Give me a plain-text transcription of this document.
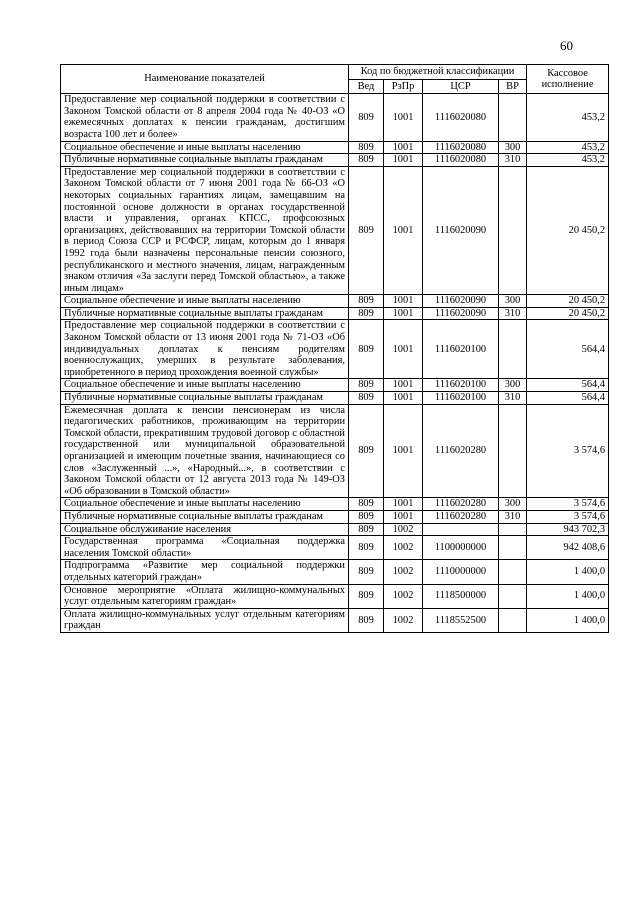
60
Наименование показателей	Код по бюджетной классификации				Кассовое исполнение
	Вед	РзПр	ЦСР	ВР	
Предоставление мер социальной поддержки в соответствии с Законом Томской области от 8 апреля 2004 года № 40-ОЗ «О ежемесячных доплатах к пенсии гражданам, достигшим возраста 100 лет и более»	809	1001	1116020080		453,2
Социальное обеспечение и иные выплаты населению	809	1001	1116020080	300	453,2
Публичные нормативные социальные выплаты гражданам	809	1001	1116020080	310	453,2
Предоставление мер социальной поддержки в соответствии с Законом Томской области от 7 июня 2001 года № 66-ОЗ «О некоторых социальных гарантиях лицам, замещавшим на постоянной основе должности в органах государственной власти и управления, органах КПСС, профсоюзных организациях, действовавших на территории Томской области в период Союза ССР и РСФСР, лицам, которым до 1 января 1992 года были назначены персональные пенсии союзного, республиканского и местного значения, лицам, награжденным знаком отличия «За заслуги перед Томской областью», а также иным лицам»	809	1001	1116020090		20 450,2
Социальное обеспечение и иные выплаты населению	809	1001	1116020090	300	20 450,2
Публичные нормативные социальные выплаты гражданам	809	1001	1116020090	310	20 450,2
Предоставление мер социальной поддержки в соответствии с Законом Томской области от 13 июня 2001 года № 71-ОЗ «Об индивидуальных доплатах к пенсиям родителям военнослужащих, умерших в результате заболевания, приобретенного в период прохождения военной службы»	809	1001	1116020100		564,4
Социальное обеспечение и иные выплаты населению	809	1001	1116020100	300	564,4
Публичные нормативные социальные выплаты гражданам	809	1001	1116020100	310	564,4
Ежемесячная доплата к пенсии пенсионерам из числа педагогических работников, проживающим на территории Томской области, прекратившим трудовой договор с областной государственной или муниципальной образовательной организацией и имеющим почетные звания, начинающиеся со слов «Заслуженный ...», «Народный...», в соответствии с Законом Томской области от 12 августа 2013 года № 149-ОЗ «Об образовании в Томской области»	809	1001	1116020280		3 574,6
Социальное обеспечение и иные выплаты населению	809	1001	1116020280	300	3 574,6
Публичные нормативные социальные выплаты гражданам	809	1001	1116020280	310	3 574,6
Социальное обслуживание населения	809	1002			943 702,3
Государственная программа «Социальная поддержка населения Томской области»	809	1002	1100000000		942 408,6
Подпрограмма «Развитие мер социальной поддержки отдельных категорий граждан»	809	1002	1110000000		1 400,0
Основное мероприятие «Оплата жилищно-коммунальных услуг отдельным категориям граждан»	809	1002	1118500000		1 400,0
Оплата жилищно-коммунальных услуг отдельным категориям граждан	809	1002	1118552500		1 400,0
